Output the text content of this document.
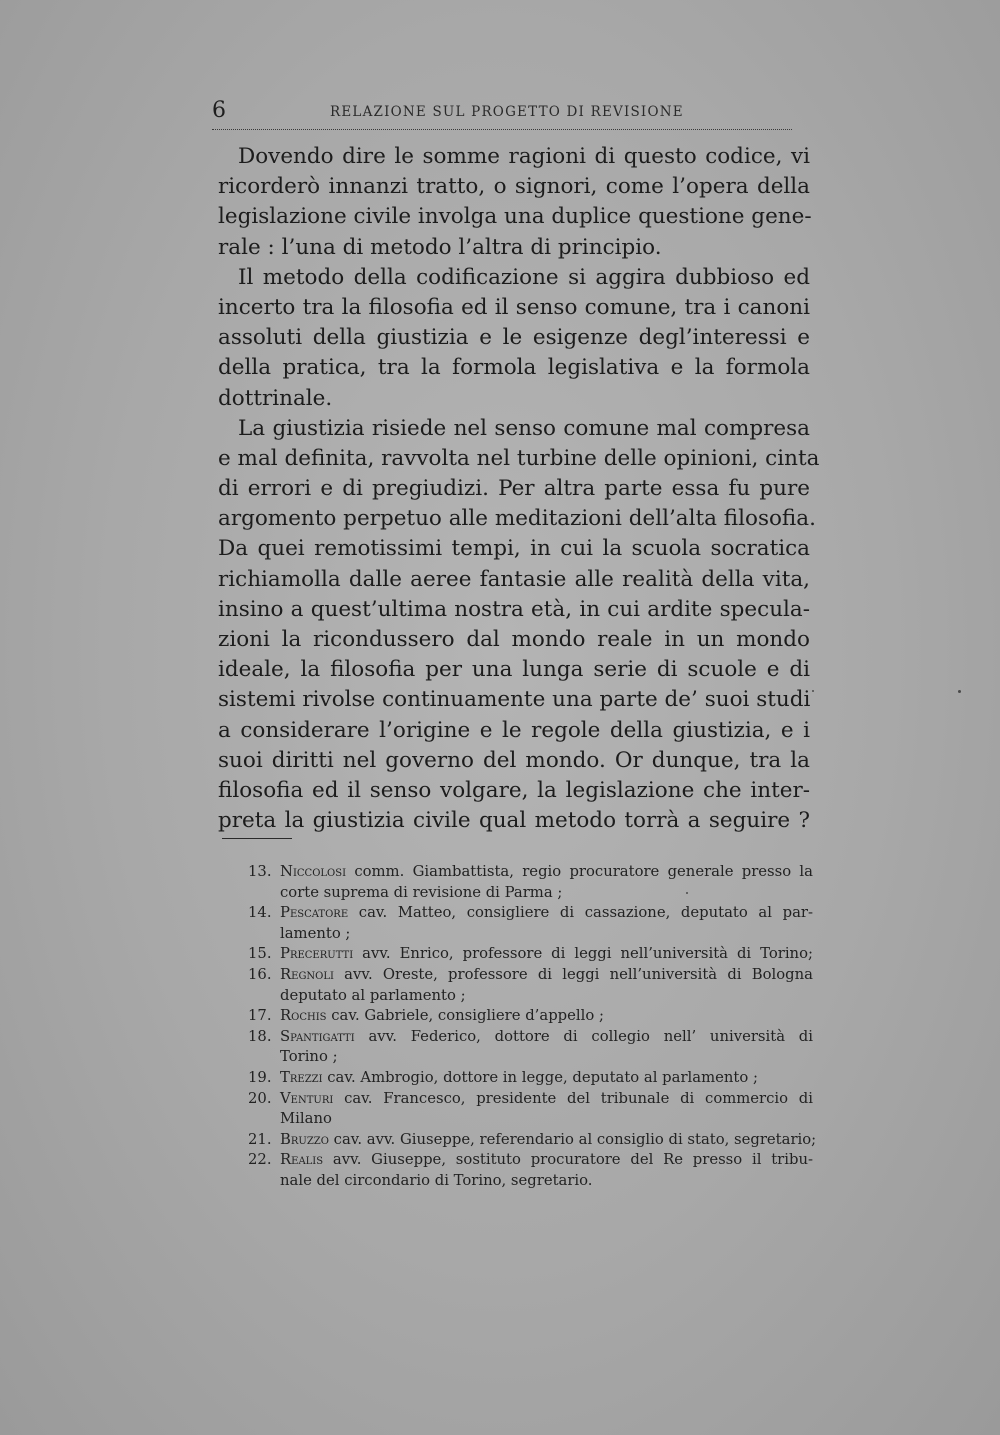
6	RELAZIONE SUL PROGETTO DI REVISIONE
Dovendo dire le somme ragioni di questo codice, vi
ricorderò innanzi tratto, o signori, come l’opera della
legislazione civile involga una duplice questione gene-
rale : l’una di metodo l’altra di principio.
Il metodo della codificazione si aggira dubbioso ed
incerto tra la filosofia ed il senso comune, tra i canoni
assoluti della giustizia e le esigenze degl’interessi e
della pratica, tra la formola legislativa e la formola
dottrinale.
La giustizia risiede nel senso comune mal compresa
e mal definita, ravvolta nel turbine delle opinioni, cinta
di errori e di pregiudizi. Per altra parte essa fu pure
argomento perpetuo alle meditazioni dell’alta filosofia.
Da quei remotissimi tempi, in cui la scuola socratica
richiamolla dalle aeree fantasie alle realità della vita,
insino a quest’ultima nostra età, in cui ardite specula-
zioni la ricondussero dal mondo reale in un mondo
ideale, la filosofia per una lunga serie di scuole e di
sistemi rivolse continuamente una parte de’ suoi studi
a considerare l’origine e le regole della giustizia, e i
suoi diritti nel governo del mondo. Or dunque, tra la
filosofia ed il senso volgare, la legislazione che inter-
preta la giustizia civile qual metodo torrà a seguire ?
13. Niccolosi comm. Giambattista, regio procuratore generale presso la
corte suprema di revisione di Parma ;
14. Pescatore cav. Matteo, consigliere di cassazione, deputato al par-
lamento ;
15. Precerutti avv. Enrico, professore di leggi nell’università di Torino;
16. Regnoli avv. Oreste, professore di leggi nell’università di Bologna
deputato al parlamento ;
17. Rochis cav. Gabriele, consigliere d’appello ;
18. Spantigatti avv. Federico, dottore di collegio nell’ università di
Torino ;
19. Trezzi cav. Ambrogio, dottore in legge, deputato al parlamento ;
20. Venturi cav. Francesco, presidente del tribunale di commercio di
Milano
21. Bruzzo cav. avv. Giuseppe, referendario al consiglio di stato, segretario;
22. Realis avv. Giuseppe, sostituto procuratore del Re presso il tribu-
nale del circondario di Torino, segretario.
